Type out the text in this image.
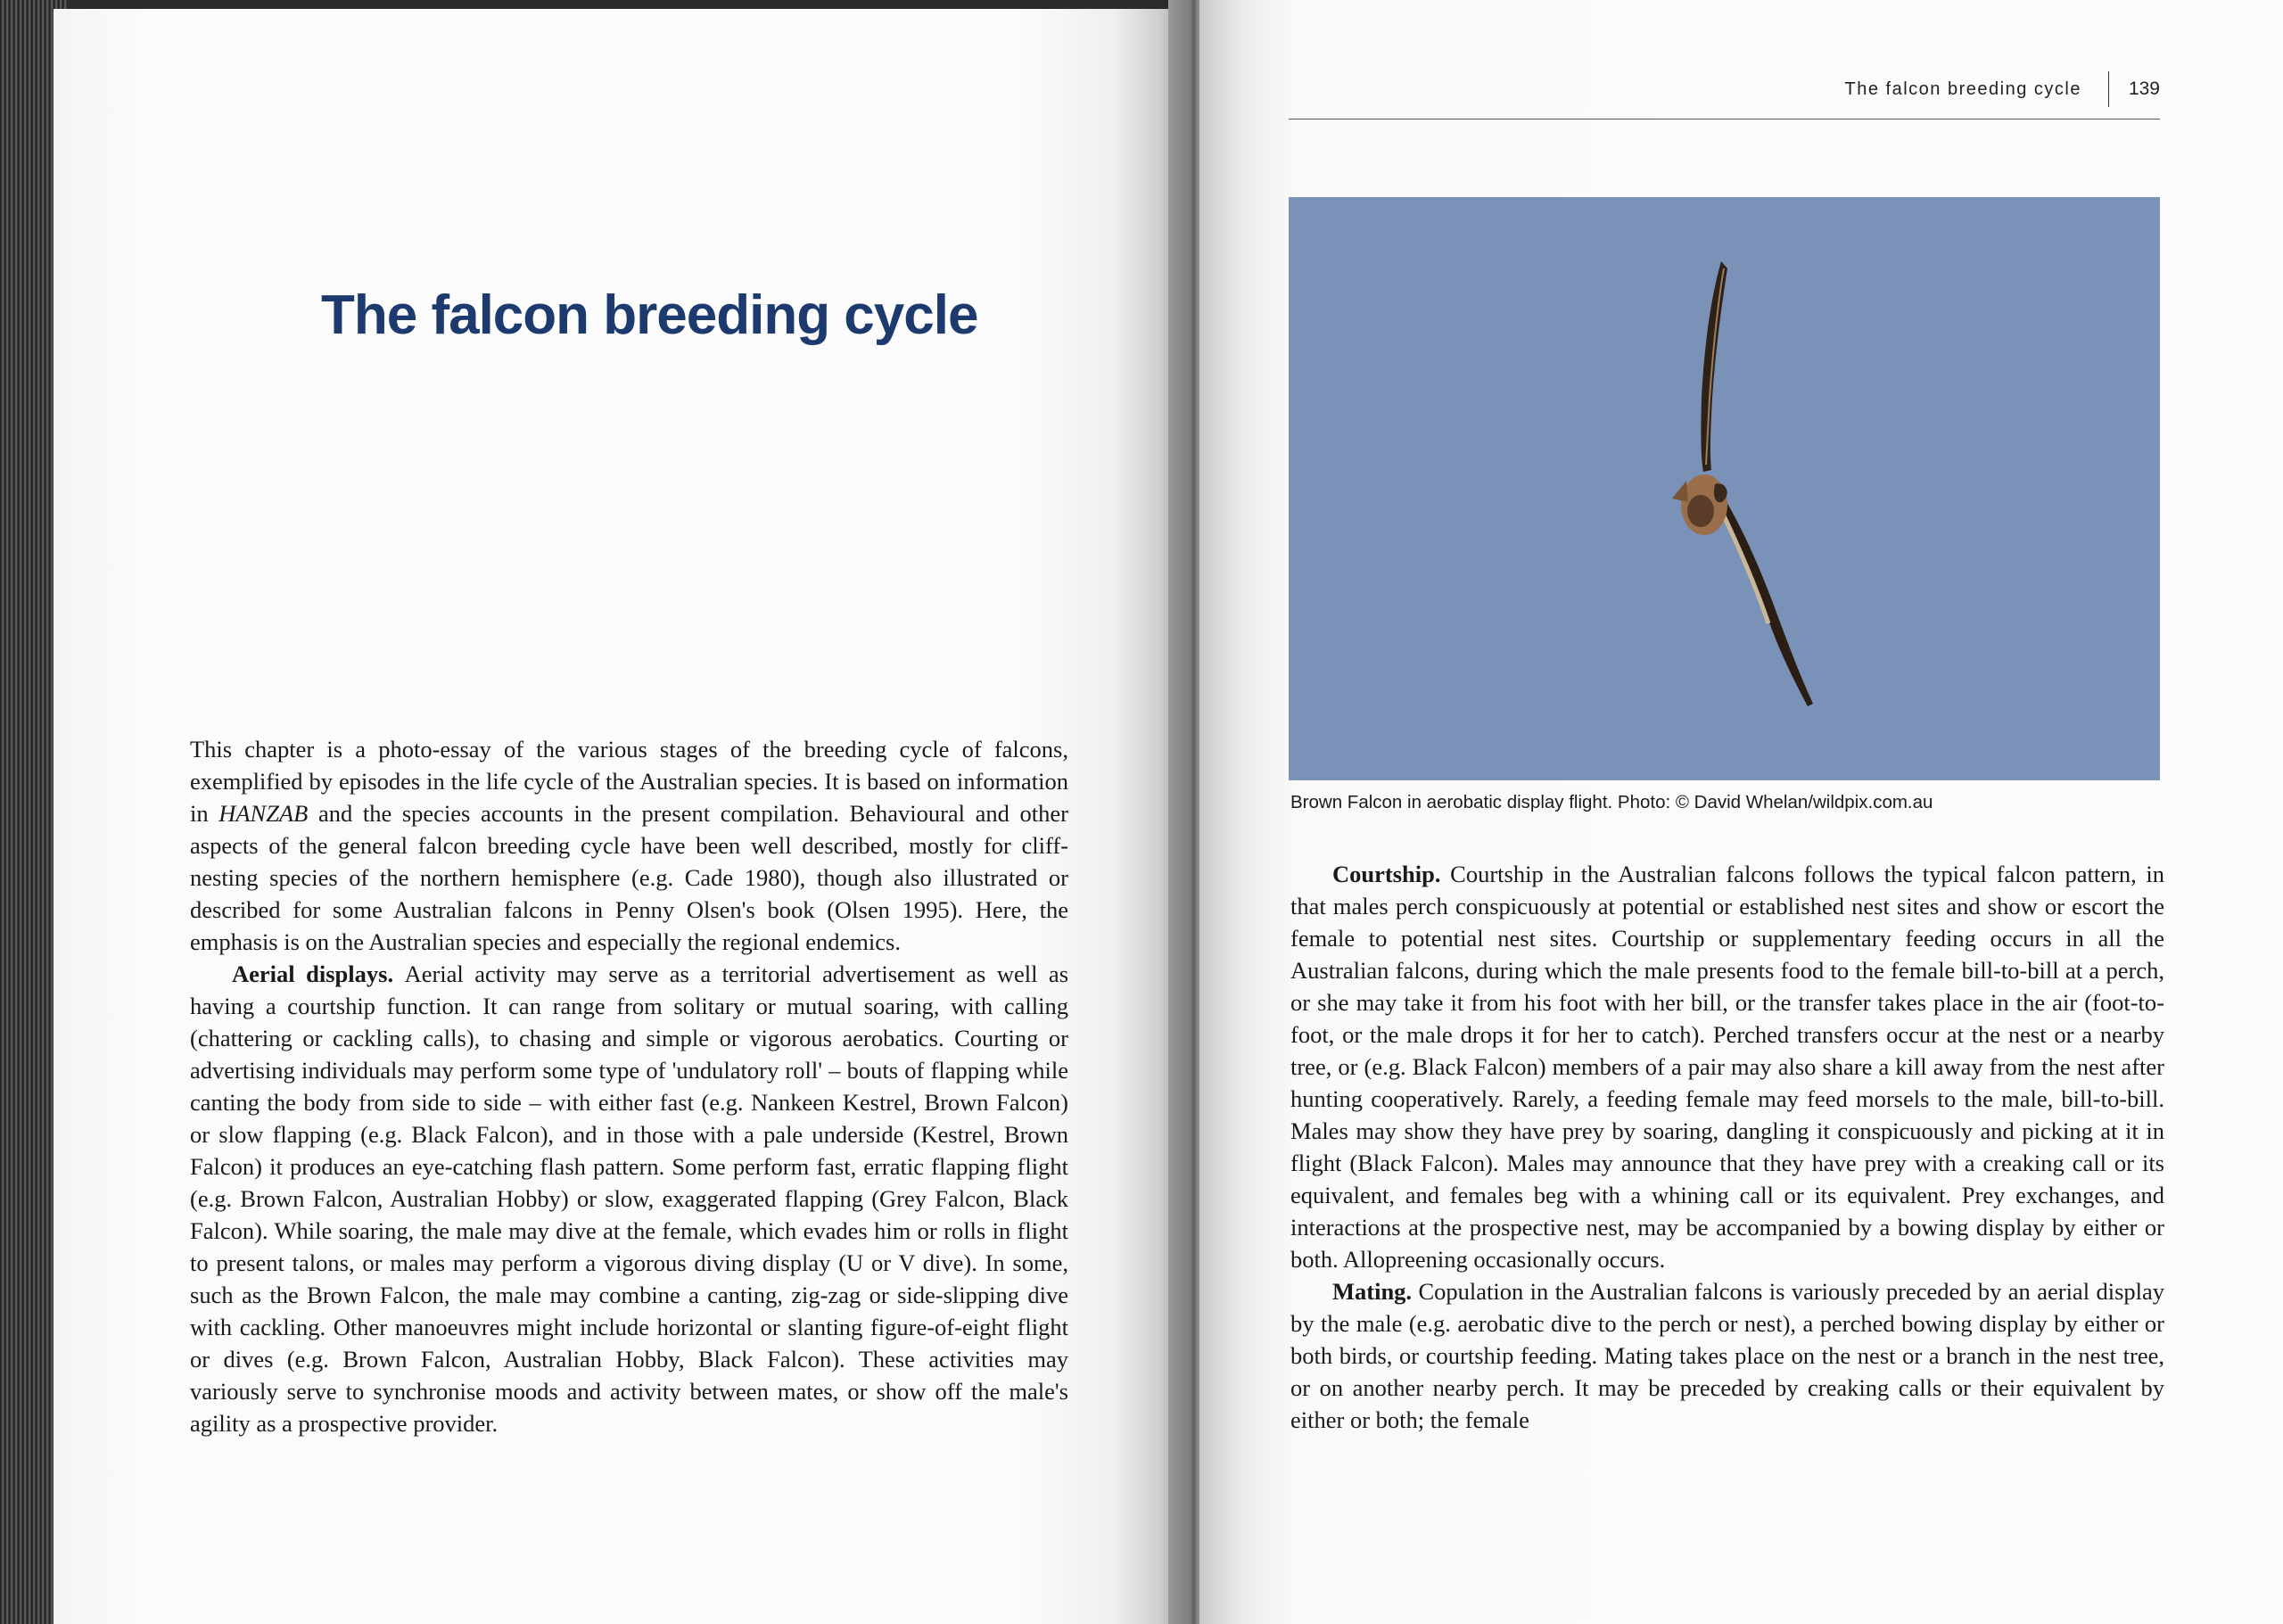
The falcon breeding cycle

This chapter is a photo-essay of the various stages of the breeding cycle of falcons, exemplified by episodes in the life cycle of the Australian species. It is based on information in HANZAB and the species accounts in the present compilation. Behavioural and other aspects of the general falcon breeding cycle have been well described, mostly for cliff-nesting species of the northern hemisphere (e.g. Cade 1980), though also illustrated or described for some Australian falcons in Penny Olsen's book (Olsen 1995). Here, the emphasis is on the Australian species and especially the regional endemics.

Aerial displays. Aerial activity may serve as a territorial advertisement as well as having a courtship function. It can range from solitary or mutual soaring, with calling (chattering or cackling calls), to chasing and simple or vigorous aerobatics. Courting or advertising individuals may perform some type of 'undulatory roll' – bouts of flapping while canting the body from side to side – with either fast (e.g. Nankeen Kestrel, Brown Falcon) or slow flapping (e.g. Black Falcon), and in those with a pale underside (Kestrel, Brown Falcon) it produces an eye-catching flash pattern. Some perform fast, erratic flapping flight (e.g. Brown Falcon, Australian Hobby) or slow, exaggerated flapping (Grey Falcon, Black Falcon). While soaring, the male may dive at the female, which evades him or rolls in flight to present talons, or males may perform a vigorous diving display (U or V dive). In some, such as the Brown Falcon, the male may combine a canting, zig-zag or side-slipping dive with cackling. Other manoeuvres might include horizontal or slanting figure-of-eight flight or dives (e.g. Brown Falcon, Australian Hobby, Black Falcon). These activities may variously serve to synchronise moods and activity between mates, or show off the male's agility as a prospective provider.

The falcon breeding cycle	139
Brown Falcon in aerobatic display flight. Photo: © David Whelan/wildpix.com.au

Courtship. Courtship in the Australian falcons follows the typical falcon pattern, in that males perch conspicuously at potential or established nest sites and show or escort the female to potential nest sites. Courtship or supplementary feeding occurs in all the Australian falcons, during which the male presents food to the female bill-to-bill at a perch, or she may take it from his foot with her bill, or the transfer takes place in the air (foot-to-foot, or the male drops it for her to catch). Perched transfers occur at the nest or a nearby tree, or (e.g. Black Falcon) members of a pair may also share a kill away from the nest after hunting cooperatively. Rarely, a feeding female may feed morsels to the male, bill-to-bill. Males may show they have prey by soaring, dangling it conspicuously and picking at it in flight (Black Falcon). Males may announce that they have prey with a creaking call or its equivalent, and females beg with a whining call or its equivalent. Prey exchanges, and interactions at the prospective nest, may be accompanied by a bowing display by either or both. Allopreening occasionally occurs.

Mating. Copulation in the Australian falcons is variously preceded by an aerial display by the male (e.g. aerobatic dive to the perch or nest), a perched bowing display by either or both birds, or courtship feeding. Mating takes place on the nest or a branch in the nest tree, or on another nearby perch. It may be preceded by creaking calls or their equivalent by either or both; the female
